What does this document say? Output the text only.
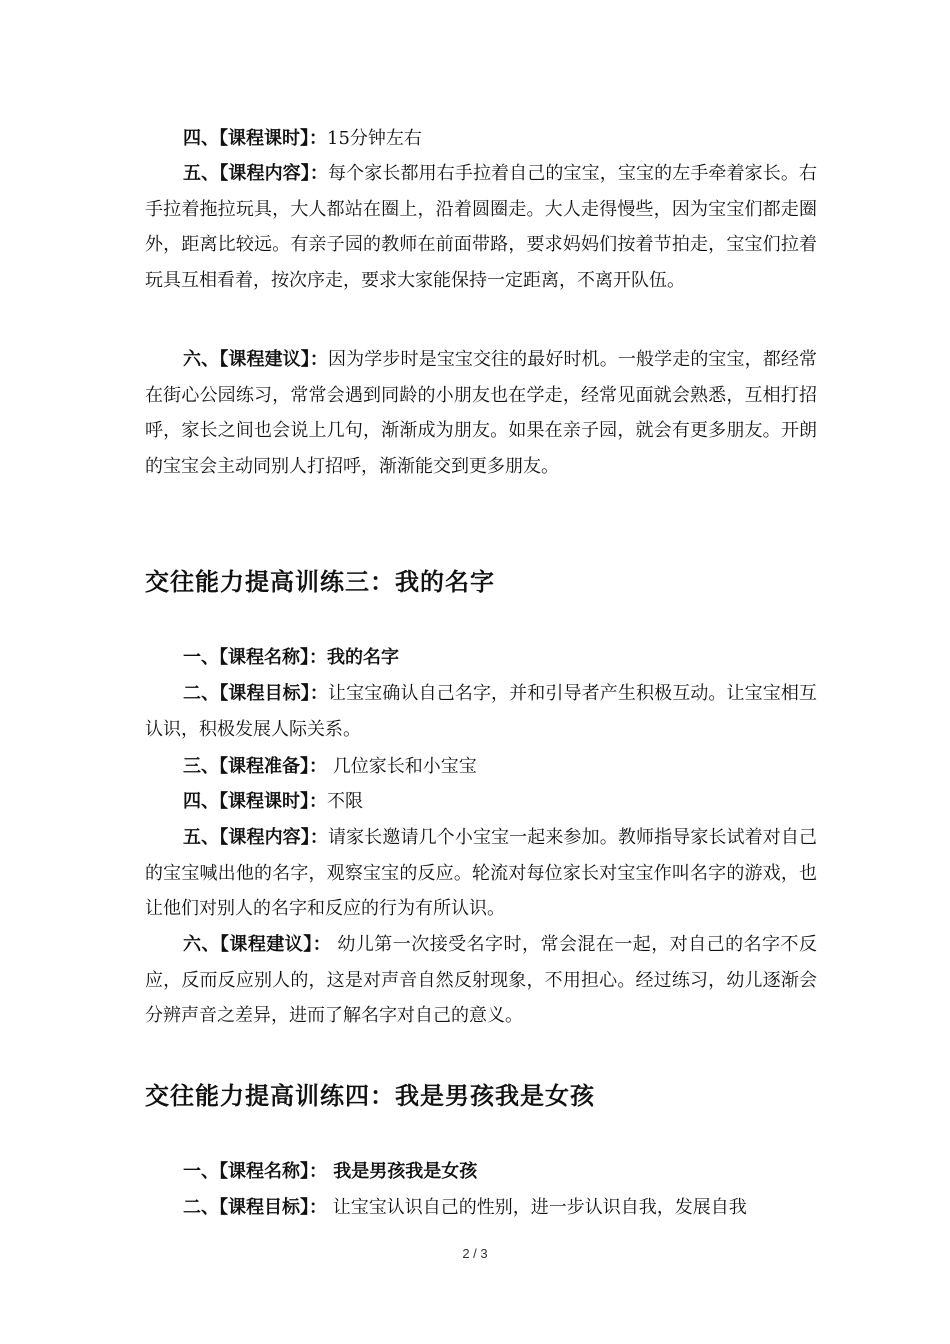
四、【课程课时】：15分钟左右

五、【课程内容】：每个家长都用右手拉着自己的宝宝，宝宝的左手牵着家长。右手拉着拖拉玩具，大人都站在圈上，沿着圆圈走。大人走得慢些，因为宝宝们都走圈外，距离比较远。有亲子园的教师在前面带路，要求妈妈们按着节拍走，宝宝们拉着玩具互相看着，按次序走，要求大家能保持一定距离，不离开队伍。

六、【课程建议】：因为学步时是宝宝交往的最好时机。一般学走的宝宝，都经常在街心公园练习，常常会遇到同龄的小朋友也在学走，经常见面就会熟悉，互相打招呼，家长之间也会说上几句，渐渐成为朋友。如果在亲子园，就会有更多朋友。开朗的宝宝会主动同别人打招呼，渐渐能交到更多朋友。

交往能力提高训练三：我的名字

一、【课程名称】：我的名字

二、【课程目标】：让宝宝确认自己名字，并和引导者产生积极互动。让宝宝相互认识，积极发展人际关系。

三、【课程准备】： 几位家长和小宝宝

四、【课程课时】：不限

五、【课程内容】：请家长邀请几个小宝宝一起来参加。教师指导家长试着对自己的宝宝喊出他的名字，观察宝宝的反应。轮流对每位家长对宝宝作叫名字的游戏，也让他们对别人的名字和反应的行为有所认识。

六、【课程建议】： 幼儿第一次接受名字时，常会混在一起，对自己的名字不反应，反而反应别人的，这是对声音自然反射现象，不用担心。经过练习，幼儿逐渐会分辨声音之差异，进而了解名字对自己的意义。

交往能力提高训练四：我是男孩我是女孩

一、【课程名称】： 我是男孩我是女孩

二、【课程目标】： 让宝宝认识自己的性别，进一步认识自我，发展自我

2 / 3
